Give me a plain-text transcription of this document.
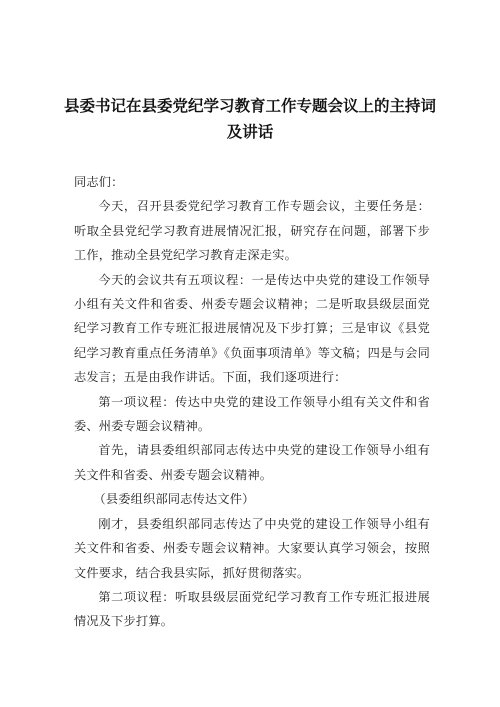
县委书记在县委党纪学习教育工作专题会议上的主持词
及讲话

同志们：

今天，召开县委党纪学习教育工作专题会议，主要任务是：听取全县党纪学习教育进展情况汇报，研究存在问题，部署下步工作，推动全县党纪学习教育走深走实。

今天的会议共有五项议程：一是传达中央党的建设工作领导小组有关文件和省委、州委专题会议精神；二是听取县级层面党纪学习教育工作专班汇报进展情况及下步打算；三是审议《县党纪学习教育重点任务清单》《负面事项清单》等文稿；四是与会同志发言；五是由我作讲话。下面，我们逐项进行：

第一项议程：传达中央党的建设工作领导小组有关文件和省委、州委专题会议精神。

首先，请县委组织部同志传达中央党的建设工作领导小组有关文件和省委、州委专题会议精神。

（县委组织部同志传达文件）

刚才，县委组织部同志传达了中央党的建设工作领导小组有关文件和省委、州委专题会议精神。大家要认真学习领会，按照文件要求，结合我县实际，抓好贯彻落实。

第二项议程：听取县级层面党纪学习教育工作专班汇报进展情况及下步打算。
